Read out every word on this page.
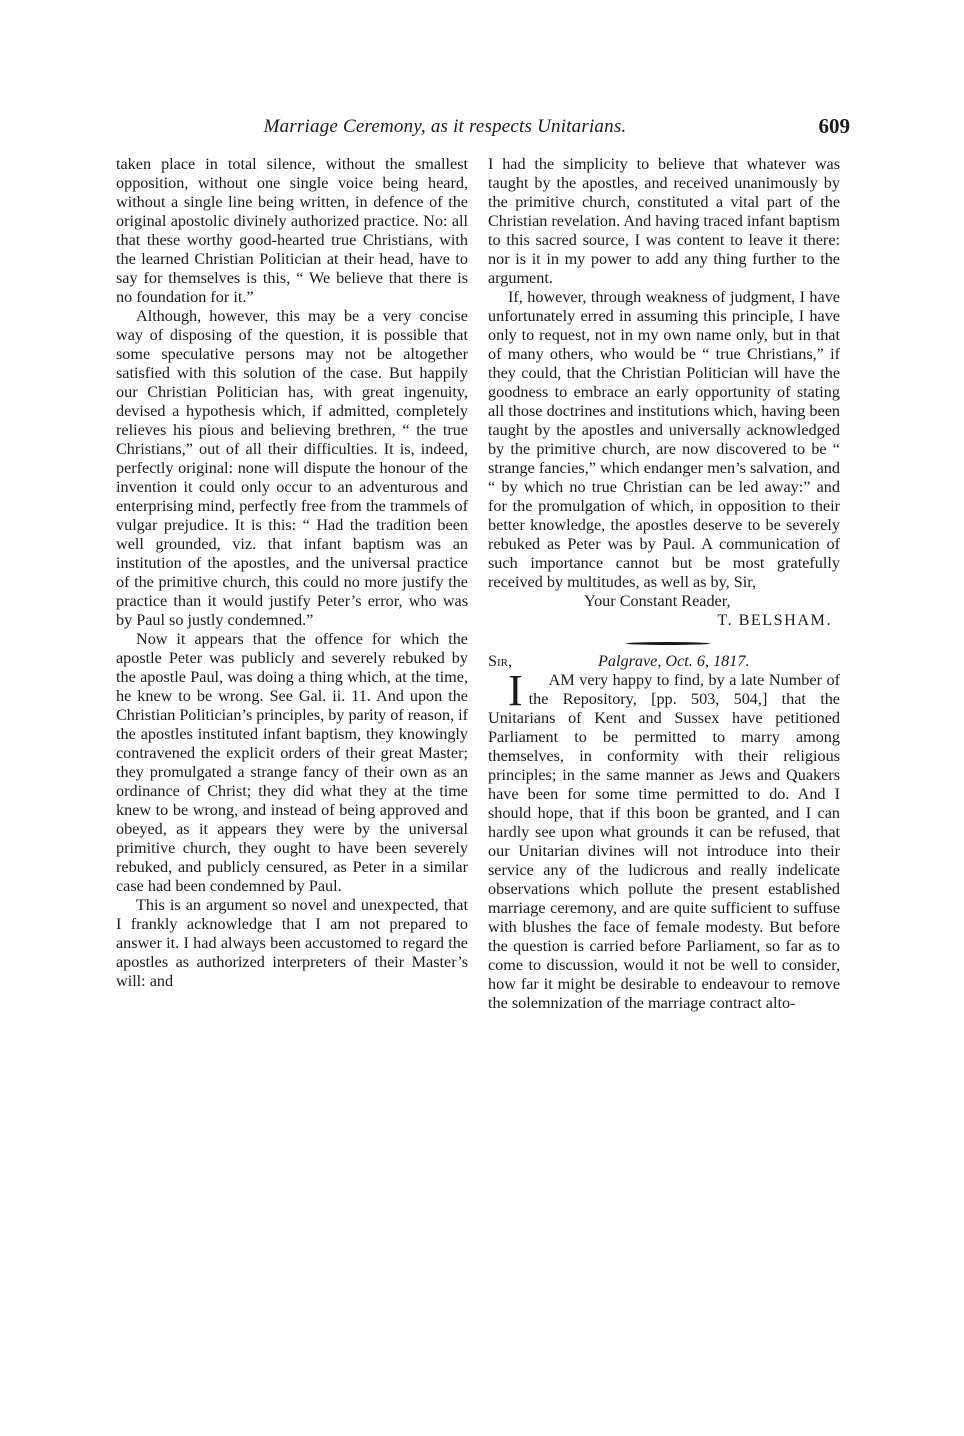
Marriage Ceremony, as it respects Unitarians.	609

taken place in total silence, without the smallest opposition, without one single voice being heard, without a single line being written, in defence of the original apostolic divinely authorized practice. No: all that these worthy good-hearted true Christians, with the learned Christian Politician at their head, have to say for themselves is this, “ We believe that there is no foundation for it.”

Although, however, this may be a very concise way of disposing of the question, it is possible that some speculative persons may not be altogether satisfied with this solution of the case. But happily our Christian Politician has, with great ingenuity, devised a hypothesis which, if admitted, completely relieves his pious and believing brethren, “ the true Christians,” out of all their difficulties. It is, indeed, perfectly original: none will dispute the honour of the invention it could only occur to an adventurous and enterprising mind, perfectly free from the trammels of vulgar prejudice. It is this: “ Had the tradition been well grounded, viz. that infant baptism was an institution of the apostles, and the universal practice of the primitive church, this could no more justify the practice than it would justify Peter’s error, who was by Paul so justly condemned.”

Now it appears that the offence for which the apostle Peter was publicly and severely rebuked by the apostle Paul, was doing a thing which, at the time, he knew to be wrong. See Gal. ii. 11. And upon the Christian Politician’s principles, by parity of reason, if the apostles instituted infant baptism, they knowingly contravened the explicit orders of their great Master; they promulgated a strange fancy of their own as an ordinance of Christ; they did what they at the time knew to be wrong, and instead of being approved and obeyed, as it appears they were by the universal primitive church, they ought to have been severely rebuked, and publicly censured, as Peter in a similar case had been condemned by Paul.

This is an argument so novel and unexpected, that I frankly acknowledge that I am not prepared to answer it. I had always been accustomed to regard the apostles as authorized interpreters of their Master’s will: and

I had the simplicity to believe that whatever was taught by the apostles, and received unanimously by the primitive church, constituted a vital part of the Christian revelation. And having traced infant baptism to this sacred source, I was content to leave it there: nor is it in my power to add any thing further to the argument.

If, however, through weakness of judgment, I have unfortunately erred in assuming this principle, I have only to request, not in my own name only, but in that of many others, who would be “ true Christians,” if they could, that the Christian Politician will have the goodness to embrace an early opportunity of stating all those doctrines and institutions which, having been taught by the apostles and universally acknowledged by the primitive church, are now discovered to be “ strange fancies,” which endanger men’s salvation, and “ by which no true Christian can be led away:” and for the promulgation of which, in opposition to their better knowledge, the apostles deserve to be severely rebuked as Peter was by Paul. A communication of such importance cannot but be most gratefully received by multitudes, as well as by, Sir,

Your Constant Reader,
T. BELSHAM.
Sir,	Palgrave, Oct. 6, 1817.

I AM very happy to find, by a late Number of the Repository, [pp. 503, 504,] that the Unitarians of Kent and Sussex have petitioned Parliament to be permitted to marry among themselves, in conformity with their religious principles; in the same manner as Jews and Quakers have been for some time permitted to do. And I should hope, that if this boon be granted, and I can hardly see upon what grounds it can be refused, that our Unitarian divines will not introduce into their service any of the ludicrous and really indelicate observations which pollute the present established marriage ceremony, and are quite sufficient to suffuse with blushes the face of female modesty. But before the question is carried before Parliament, so far as to come to discussion, would it not be well to consider, how far it might be desirable to endeavour to remove the solemnization of the marriage contract alto-
